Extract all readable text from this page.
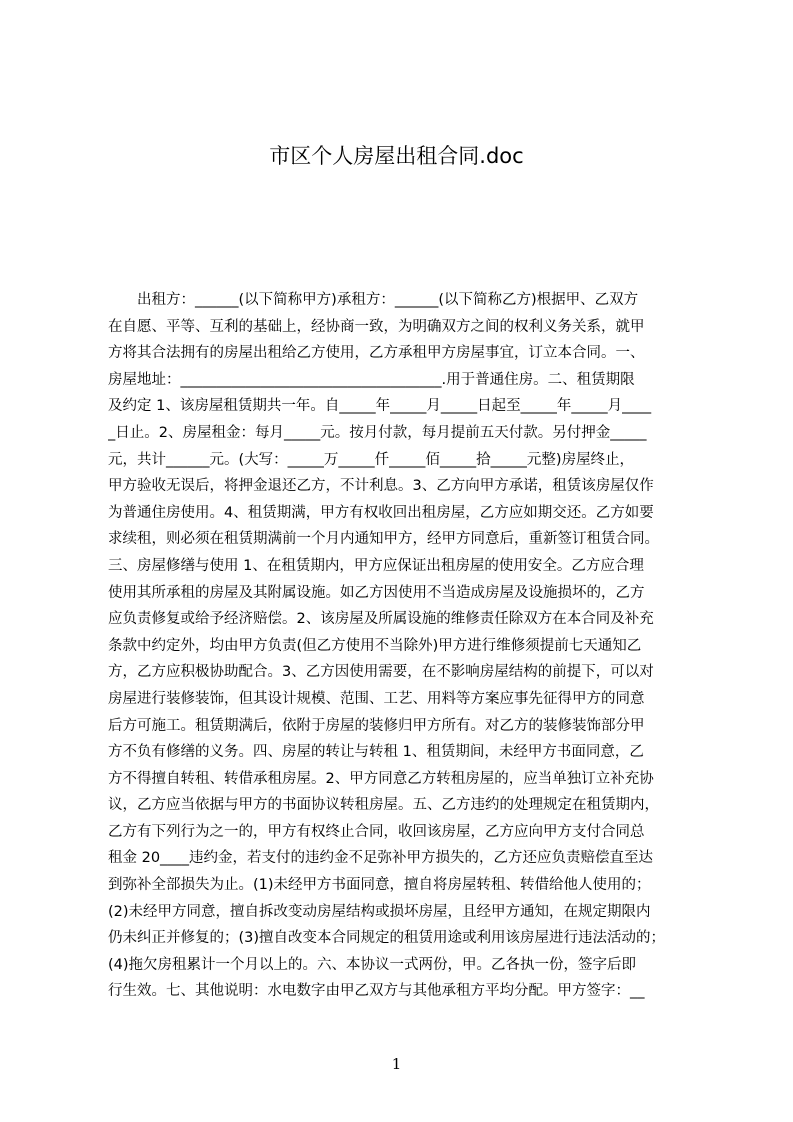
市区个人房屋出租合同.doc
　　出租方：______(以下简称甲方)承租方：______(以下简称乙方)根据甲、乙双方
在自愿、平等、互利的基础上，经协商一致，为明确双方之间的权利义务关系，就甲
方将其合法拥有的房屋出租给乙方使用，乙方承租甲方房屋事宜，订立本合同。一、
房屋地址：____________________________________.用于普通住房。二、租赁期限
及约定 1、该房屋租赁期共一年。自_____年_____月_____日起至_____年_____月____
_日止。2、房屋租金：每月_____元。按月付款，每月提前五天付款。另付押金_____
元，共计______元。(大写：_____万_____仟_____佰_____拾_____元整)房屋终止，
甲方验收无误后，将押金退还乙方，不计利息。3、乙方向甲方承诺，租赁该房屋仅作
为普通住房使用。4、租赁期满，甲方有权收回出租房屋，乙方应如期交还。乙方如要
求续租，则必须在租赁期满前一个月内通知甲方，经甲方同意后，重新签订租赁合同。
三、房屋修缮与使用 1、在租赁期内，甲方应保证出租房屋的使用安全。乙方应合理
使用其所承租的房屋及其附属设施。如乙方因使用不当造成房屋及设施损坏的，乙方
应负责修复或给予经济赔偿。2、该房屋及所属设施的维修责任除双方在本合同及补充
条款中约定外，均由甲方负责(但乙方使用不当除外)甲方进行维修须提前七天通知乙
方，乙方应积极协助配合。3、乙方因使用需要，在不影响房屋结构的前提下，可以对
房屋进行装修装饰，但其设计规模、范围、工艺、用料等方案应事先征得甲方的同意
后方可施工。租赁期满后，依附于房屋的装修归甲方所有。对乙方的装修装饰部分甲
方不负有修缮的义务。四、房屋的转让与转租 1、租赁期间，未经甲方书面同意，乙
方不得擅自转租、转借承租房屋。2、甲方同意乙方转租房屋的，应当单独订立补充协
议，乙方应当依据与甲方的书面协议转租房屋。五、乙方违约的处理规定在租赁期内，
乙方有下列行为之一的，甲方有权终止合同，收回该房屋，乙方应向甲方支付合同总
租金 20____违约金，若支付的违约金不足弥补甲方损失的，乙方还应负责赔偿直至达
到弥补全部损失为止。(1)未经甲方书面同意，擅自将房屋转租、转借给他人使用的；
(2)未经甲方同意，擅自拆改变动房屋结构或损坏房屋，且经甲方通知，在规定期限内
仍未纠正并修复的；(3)擅自改变本合同规定的租赁用途或利用该房屋进行违法活动的；
(4)拖欠房租累计一个月以上的。六、本协议一式两份，甲。乙各执一份，签字后即
行生效。七、其他说明：水电数字由甲乙双方与其他承租方平均分配。甲方签字：__
1
